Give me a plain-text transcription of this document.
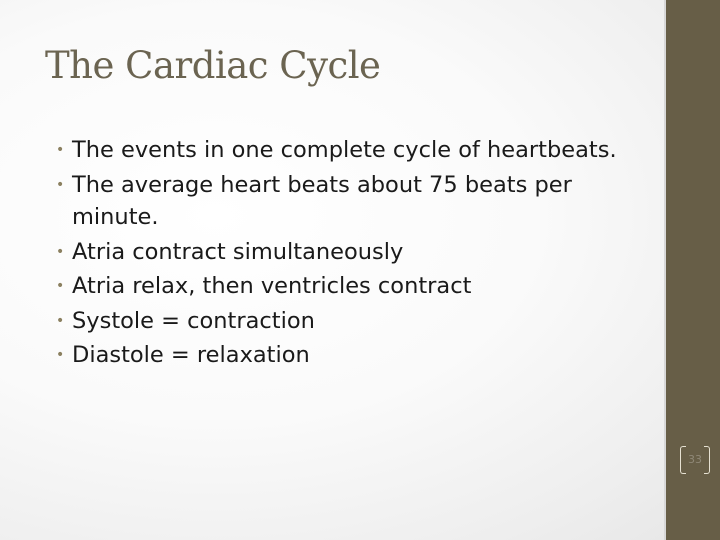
The Cardiac Cycle
• The events in one complete cycle of heartbeats.
• The average heart beats about 75 beats per minute.
• Atria contract simultaneously
• Atria relax, then ventricles contract
• Systole = contraction
• Diastole = relaxation
33
